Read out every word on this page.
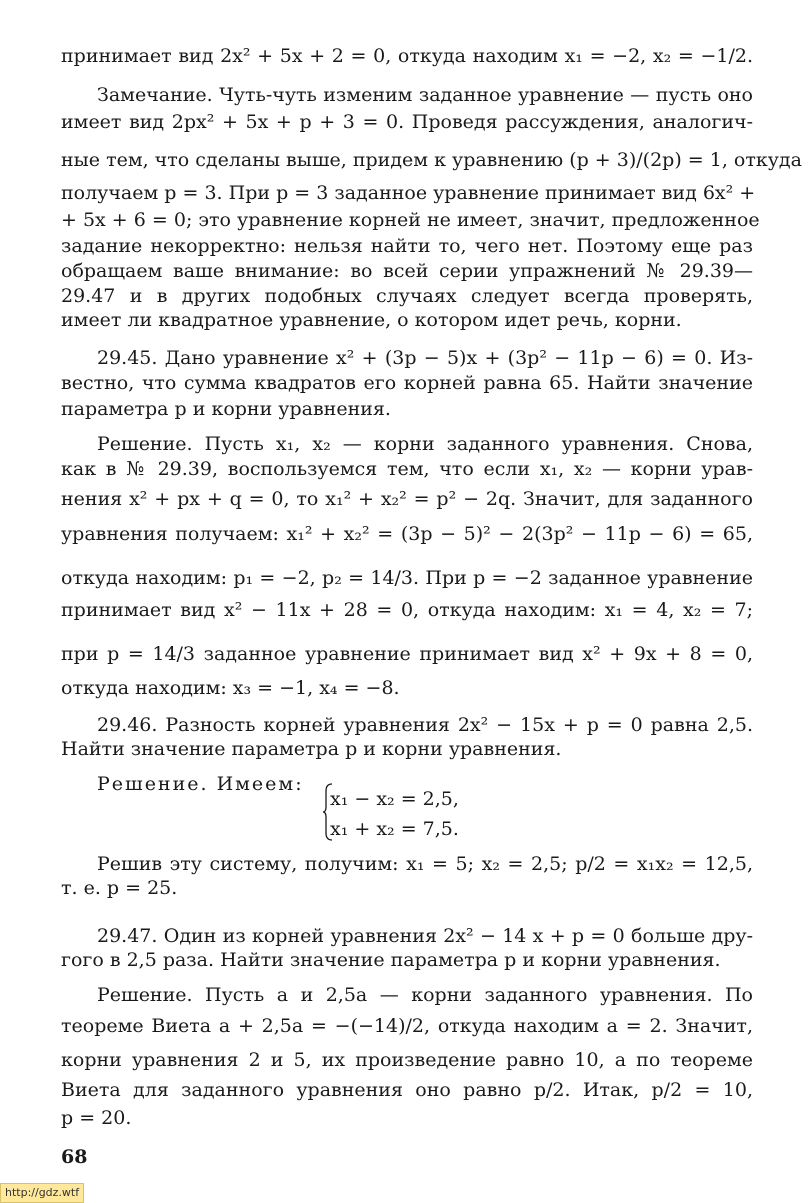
принимает вид 2x² + 5x + 2 = 0, откуда находим x₁ = −2, x₂ = −1/2.
Замечание. Чуть-чуть изменим заданное уравнение — пусть оно
имеет вид 2px² + 5x + p + 3 = 0. Проведя рассуждения, аналогич-
ные тем, что сделаны выше, придем к уравнению (p + 3)/(2p) = 1, откуда
получаем p = 3. При p = 3 заданное уравнение принимает вид 6x² +
+ 5x + 6 = 0; это уравнение корней не имеет, значит, предложенное
задание некорректно: нельзя найти то, чего нет. Поэтому еще раз
обращаем ваше внимание: во всей серии упражнений № 29.39—
29.47 и в других подобных случаях следует всегда проверять,
имеет ли квадратное уравнение, о котором идет речь, корни.
29.45. Дано уравнение x² + (3p − 5)x + (3p² − 11p − 6) = 0. Из-
вестно, что сумма квадратов его корней равна 65. Найти значение
параметра p и корни уравнения.
Решение. Пусть x₁, x₂ — корни заданного уравнения. Снова,
как в № 29.39, воспользуемся тем, что если x₁, x₂ — корни урав-
нения x² + px + q = 0, то x₁² + x₂² = p² − 2q. Значит, для заданного
уравнения получаем: x₁² + x₂² = (3p − 5)² − 2(3p² − 11p − 6) = 65,
откуда находим: p₁ = −2, p₂ = 14/3. При p = −2 заданное уравнение
принимает вид x² − 11x + 28 = 0, откуда находим: x₁ = 4, x₂ = 7;
при p = 14/3 заданное уравнение принимает вид x² + 9x + 8 = 0,
откуда находим: x₃ = −1, x₄ = −8.
29.46. Разность корней уравнения 2x² − 15x + p = 0 равна 2,5.
Найти значение параметра p и корни уравнения.
Решение. Имеем:
x₁ − x₂ = 2,5,
x₁ + x₂ = 7,5.
Решив эту систему, получим: x₁ = 5; x₂ = 2,5; p/2 = x₁x₂ = 12,5,
т. е. p = 25.
29.47. Один из корней уравнения 2x² − 14 x + p = 0 больше дру-
гого в 2,5 раза. Найти значение параметра p и корни уравнения.
Решение. Пусть a и 2,5a — корни заданного уравнения. По
теореме Виета a + 2,5a = −(−14)/2, откуда находим a = 2. Значит,
корни уравнения 2 и 5, их произведение равно 10, а по теореме
Виета для заданного уравнения оно равно p/2. Итак, p/2 = 10,
p = 20.
68
http://gdz.wtf
